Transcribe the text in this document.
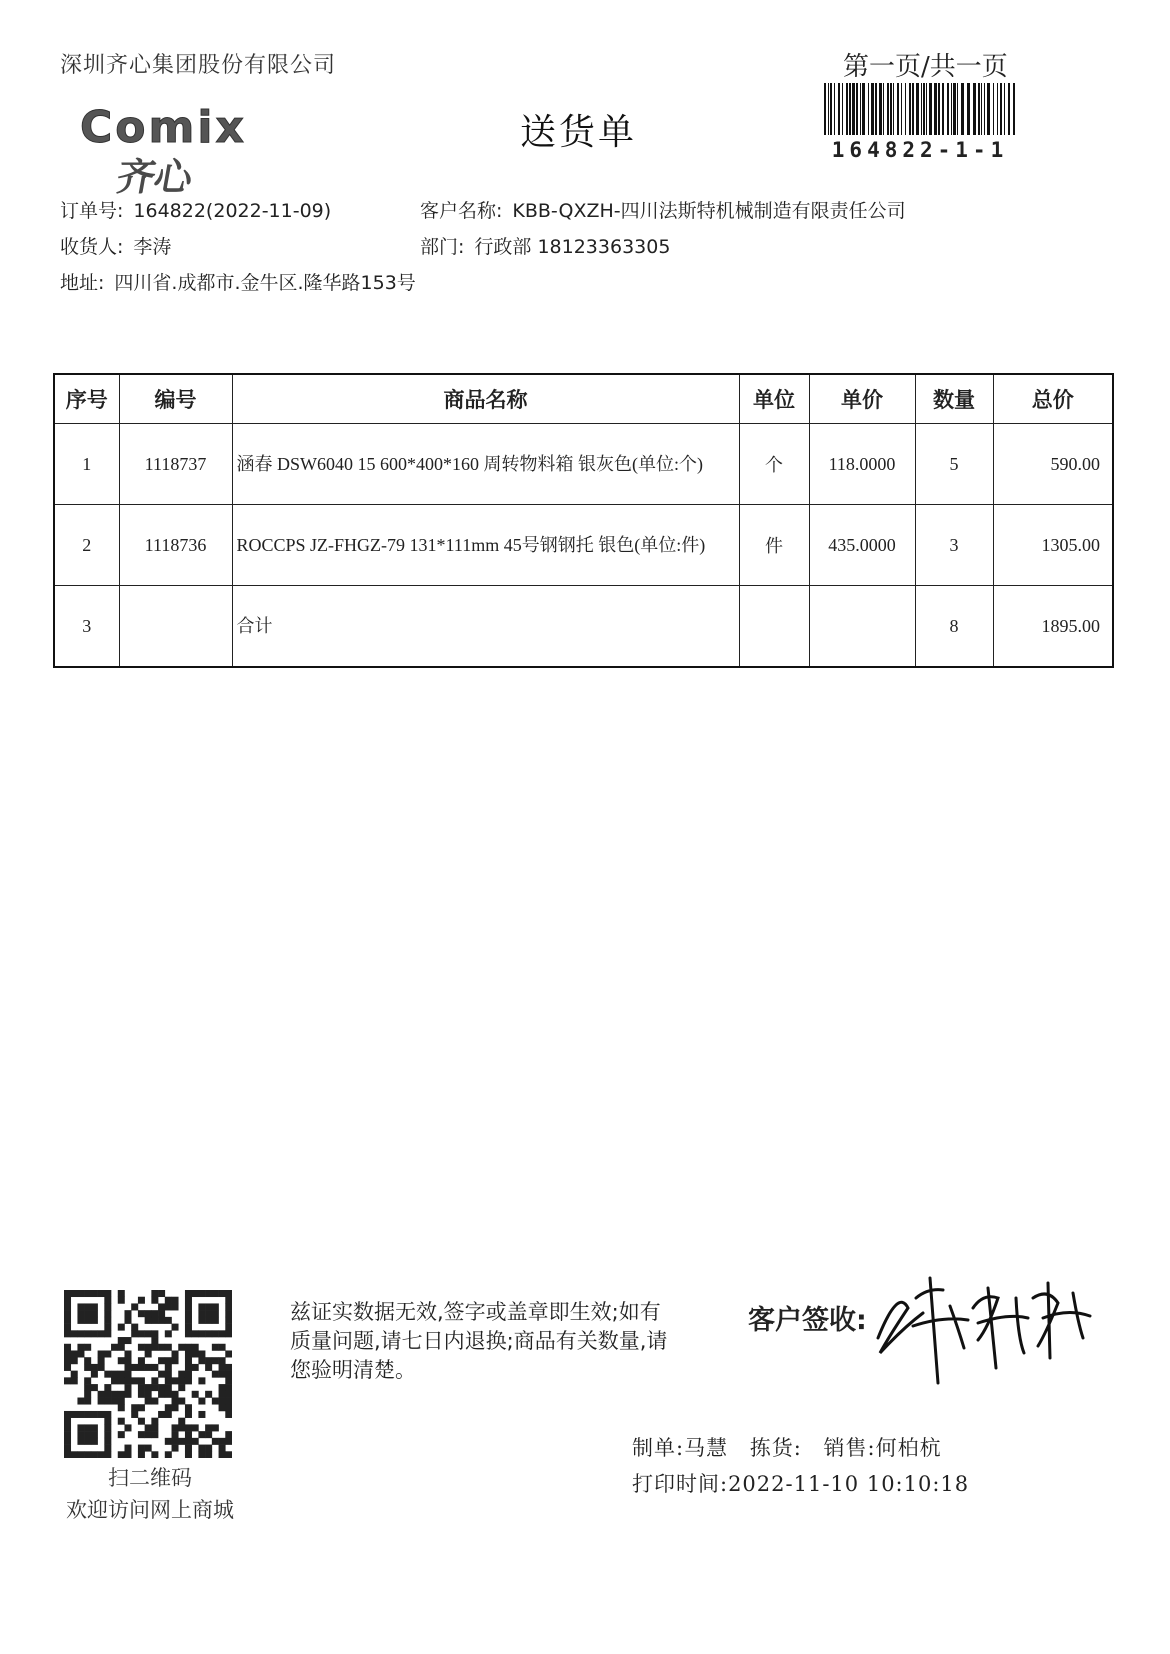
深圳齐心集团股份有限公司	第一页/共一页
164822-1-1
Comix
齐心
送货单
订单号: 164822(2022-11-09)	客户名称: KBB-QXZH-四川法斯特机械制造有限责任公司
收货人: 李涛	部门: 行政部 18123363305
地址: 四川省.成都市.金牛区.隆华路153号
序号	编号	商品名称	单位	单价	数量	总价
1	1118737	涵春 DSW6040 15 600*400*160 周转物料箱 银灰色(单位:个)	个	118.0000	5	590.00
2	1118736	ROCCPS JZ-FHGZ-79 131*111mm 45号钢钢托 银色(单位:件)	件	435.0000	3	1305.00
3		合计			8	1895.00
扫二维码
欢迎访问网上商城
兹证实数据无效,签字或盖章即生效;如有质量问题,请七日内退换;商品有关数量,请您验明清楚。
客户签收:
制单:马慧 拣货: 销售:何柏杭
打印时间:2022-11-10 10:10:18
